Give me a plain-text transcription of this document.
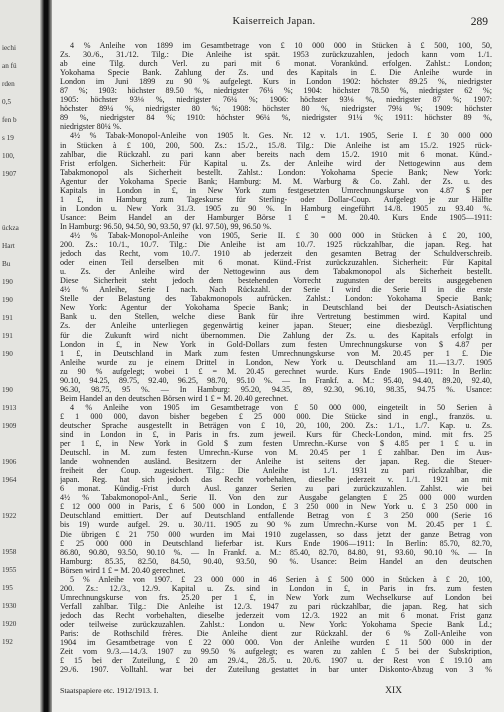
iechi
an fü
rden
0,5
fen b
s 19
100,
1907
ückza
Hart
Bu
190
190
191
191
190
190
1913
1909
1906
1964
1922
1958
1955
195
1930
1920
192
Kaiserreich Japan.	289
4 % Anleihe von 1899 im Gesamtbetrage von £ 10 000 000 in Stücken à £ 500, 100, 50,
Zs. 30./6., 31./12. Tilg.: Die Anleihe ist spät. 1953 zurückzuzahlen, jedoch kann vom 1./1.
ab eine Tilg. durch Verl. zu pari mit 6 monat. Vorankünd. erfolgen. Zahlst.: London;
Yokohama Specie Bank. Zahlung der Zs. und des Kapitals in £. Die Anleihe wurde in
London im Juni 1899 zu 90 % aufgelegt. Kurs in London 1902: höchster 89.25 %, niedrigster
87 %; 1903: höchster 89.50 %, niedrigster 76¼ %; 1904: höchster 78.50 %, niedrigster 62 %;
1905: höchster 93⅛ %, niedrigster 76¼ %; 1906: höchster 93⅛ %, niedrigster 87 %; 1907:
höchster 89¼ %, niedrigster 80 %; 1908: höchster 80 %, niedrigster 79¼ %; 1909: höchster
89 %, niedrigster 84 %; 1910: höchster 96¼ %, niedrigster 91¼ %; 1911: höchster 89 %,
niedrigster 80¼ %.
4½ % Tabak-Monopol-Anleihe von 1905 lt. Ges. Nr. 12 v. 1./1. 1905, Serie I. £ 30 000 000
in Stücken à £ 100, 200, 500. Zs.: 15./2., 15./8. Tilg.: Die Anleihe ist am 15./2. 1925 rück-
zahlbar, die Rückzahl. zu pari kann aber bereits nach dem 15./2. 1910 mit 6 monat. Künd.-
Frist erfolgen. Sicherheit: Für Kapital u. Zs. der Anleihe wird der Nettogewinn aus dem
Tabakmonopol als Sicherheit bestellt. Zahlst.: London: Yokohama Specie Bank; New York:
Agentur der Yokohama Specie Bank; Hamburg: M. M. Warburg & Co. Zahl. der Zs. u. des
Kapitals in London in £, in New York zum festgesetzten Umrechnungskurse von 4.87 $ per
1 £, in Hamburg zum Tageskurse für Sterling- oder Dollar-Coup. Aufgelegt je zur Hälfte
in London u. New York 31./3. 1905 zu 90 %. In Hamburg eingeführt 14./8. 1905 zu 93.40 %.
Usance: Beim Handel an der Hamburger Börse 1 £ = M. 20.40. Kurs Ende 1905—1911:
In Hamburg: 96.50, 94.50, 90, 93.50, 97 (kl. 97.50), 99, 96.50 %.
4½ % Tabak-Monopol-Anleihe von 1905, Serie II. £ 30 000 000 in Stücken à £ 20, 100,
200. Zs.: 10./1., 10./7. Tilg.: Die Anleihe ist am 10./7. 1925 rückzahlbar, die japan. Reg. hat
jedoch das Recht, vom 10./7. 1910 ab jederzeit den gesamten Betrag der Schuldverschreib.
oder einen Teil derselben mit 6 monat. Künd.-Frist zurückzuzahlen. Sicherheit: Für Kapital
u. Zs. der Anleihe wird der Nettogewinn aus dem Tabakmonopol als Sicherheit bestellt.
Diese Sicherheit steht jedoch dem bestehenden Vorrecht zugunsten der bereits ausgegebenen
4½ % Anleihe, Serie I nach. Nach Rückzahl. der Serie I wird die Serie II in die erste
Stelle der Belastung des Tabakmonopols aufrücken. Zahlst.: London: Yokohama Specie Bank;
New York: Agentur der Yokohama Specie Bank; in Deutschland bei der Deutsch-Asiatischen
Bank u. den Stellen, welche diese Bank für ihre Vertretung bestimmen wird. Kapital und
Zs. der Anleihe unterliegen gegenwärtig keiner japan. Steuer; eine diesbezügl. Verpflichtung
für die Zukunft wird nicht übernommen. Die Zahlung der Zs. u. des Kapitals erfolgt in
London in £, in New York in Gold-Dollars zum festen Umrechnungskurse von $ 4.87 per
1 £, in Deutschland in Mark zum festen Umrechnungskurse von M. 20.45 per 1 £. Die
Anleihe wurde zu je einem Drittel in London, New York u. Deutschland am 11.—13./7. 1905
zu 90 % aufgelegt; wobei 1 £ = M. 20.45 gerechnet wurde. Kurs Ende 1905—1911: In Berlin:
90.10, 94.25, 89.75, 92.40, 96.25, 98.70, 95.10 %. — In Frankf. a. M.: 95.40, 94.40, 89.20, 92.40,
96.30, 98.75, 95 %. — In Hamburg: 95.20, 94.35, 89, 92.30, 96.10, 98.35, 94.75 %. Usance:
Beim Handel an den deutschen Börsen wird 1 £ = M. 20.40 gerechnet.
4 % Anleihe von 1905 im Gesamtbetrage von £ 50 000 000, eingeteilt in 50 Serien à
£ 1 000 000, davon bisher begeben £ 25 000 000. Die Stücke sind in engl., französ. u.
deutscher Sprache ausgestellt in Beträgen von £ 10, 20, 100, 200. Zs.: 1./1., 1./7. Kap. u. Zs.
sind in London in £, in Paris in frs. zum jeweil. Kurs für Check-London, mind. mit frs. 25
per 1 £, in New York in Gold $ zum festen Umrechn.-Kurse von $ 4.85 per 1 £ u. in
Deutschl. in M. zum festen Umrechn.-Kurse von M. 20.45 per 1 £ zahlbar. Den im Aus-
lande wohnenden ausländ. Besitzern der Anleihe ist seitens der japan. Reg. die Steuer-
freiheit der Coup. zugesichert. Tilg.: Die Anleihe ist 1./1. 1931 zu pari rückzahlbar, die
japan. Reg. hat sich jedoch das Recht vorbehalten, dieselbe jederzeit v. 1./1. 1921 an mit
6 monat. Kündig.-Frist durch Ausl. ganzer Serien zu pari zurückzuzahlen. Zahlst. wie bei
4½ % Tabakmonopol-Anl., Serie II. Von den zur Ausgabe gelangten £ 25 000 000 wurden
£ 12 000 000 in Paris, £ 6 500 000 in London, £ 3 250 000 in New York u. £ 3 250 000 in
Deutschland emittiert. Der auf Deutschland entfallende Betrag von £ 3 250 000 (Serie 16
bis 19) wurde aufgel. 29. u. 30./11. 1905 zu 90 % zum Umrechn.-Kurse von M. 20.45 per 1 £.
Die übrigen £ 21 750 000 wurden im Mai 1910 zugelassen, so dass jetzt der ganze Betrag von
£ 25 000 000 in Deutschland lieferbar ist. Kurs Ende 1906—1911: In Berlin: 85.70, 82.70,
86.80, 90.80, 93.50, 90.10 %. — In Frankf. a. M.: 85.40, 82.70, 84.80, 91, 93.60, 90.10 %. — In
Hamburg: 85.35, 82.50, 84.50, 90.40, 93.50, 90 %. Usance: Beim Handel an den deutschen
Börsen wird 1 £ = M. 20.40 gerechnet.
5 % Anleihe von 1907. £ 23 000 000 in 46 Serien à £ 500 000 in Stücken à £ 20, 100,
200. Zs.: 12./3., 12./9. Kapital u. Zs. sind in London in £, in Paris in frs. zum festen
Umrechnungskurse von frs. 25.20 per 1 £, in New York zum Wechselkurse auf London bei
Verfall zahlbar. Tilg.: Die Anleihe ist 12./3. 1947 zu pari rückzahlbar, die japan. Reg. hat sich
jedoch das Recht vorbehalten, dieselbe jederzeit vom 12./3. 1922 an mit 6 monat. Frist ganz
oder teilweise zurückzuzahlen. Zahlst.: London u. New York: Yokohama Specie Bank Ld.;
Paris: de Rothschild frères. Die Anleihe dient zur Rückzahl. der 6 % Zoll-Anleihe von
1904 im Gesamtbetrage von £ 22 000 000. Von der Anleihe wurden £ 11 500 000 in der
Zeit vom 9./3.—14./3. 1907 zu 99.50 % aufgelegt; es waren zu zahlen £ 5 bei der Subskription,
£ 15 bei der Zuteilung, £ 20 am 29./4., 28./5. u. 20./6. 1907 u. der Rest von £ 19.10 am
29./6. 1907. Volltahl. war bei der Zuteilung gestattet in bar unter Diskonto-Abzug von 3 %
Staatspapiere etc. 1912/1913. I.	XIX
